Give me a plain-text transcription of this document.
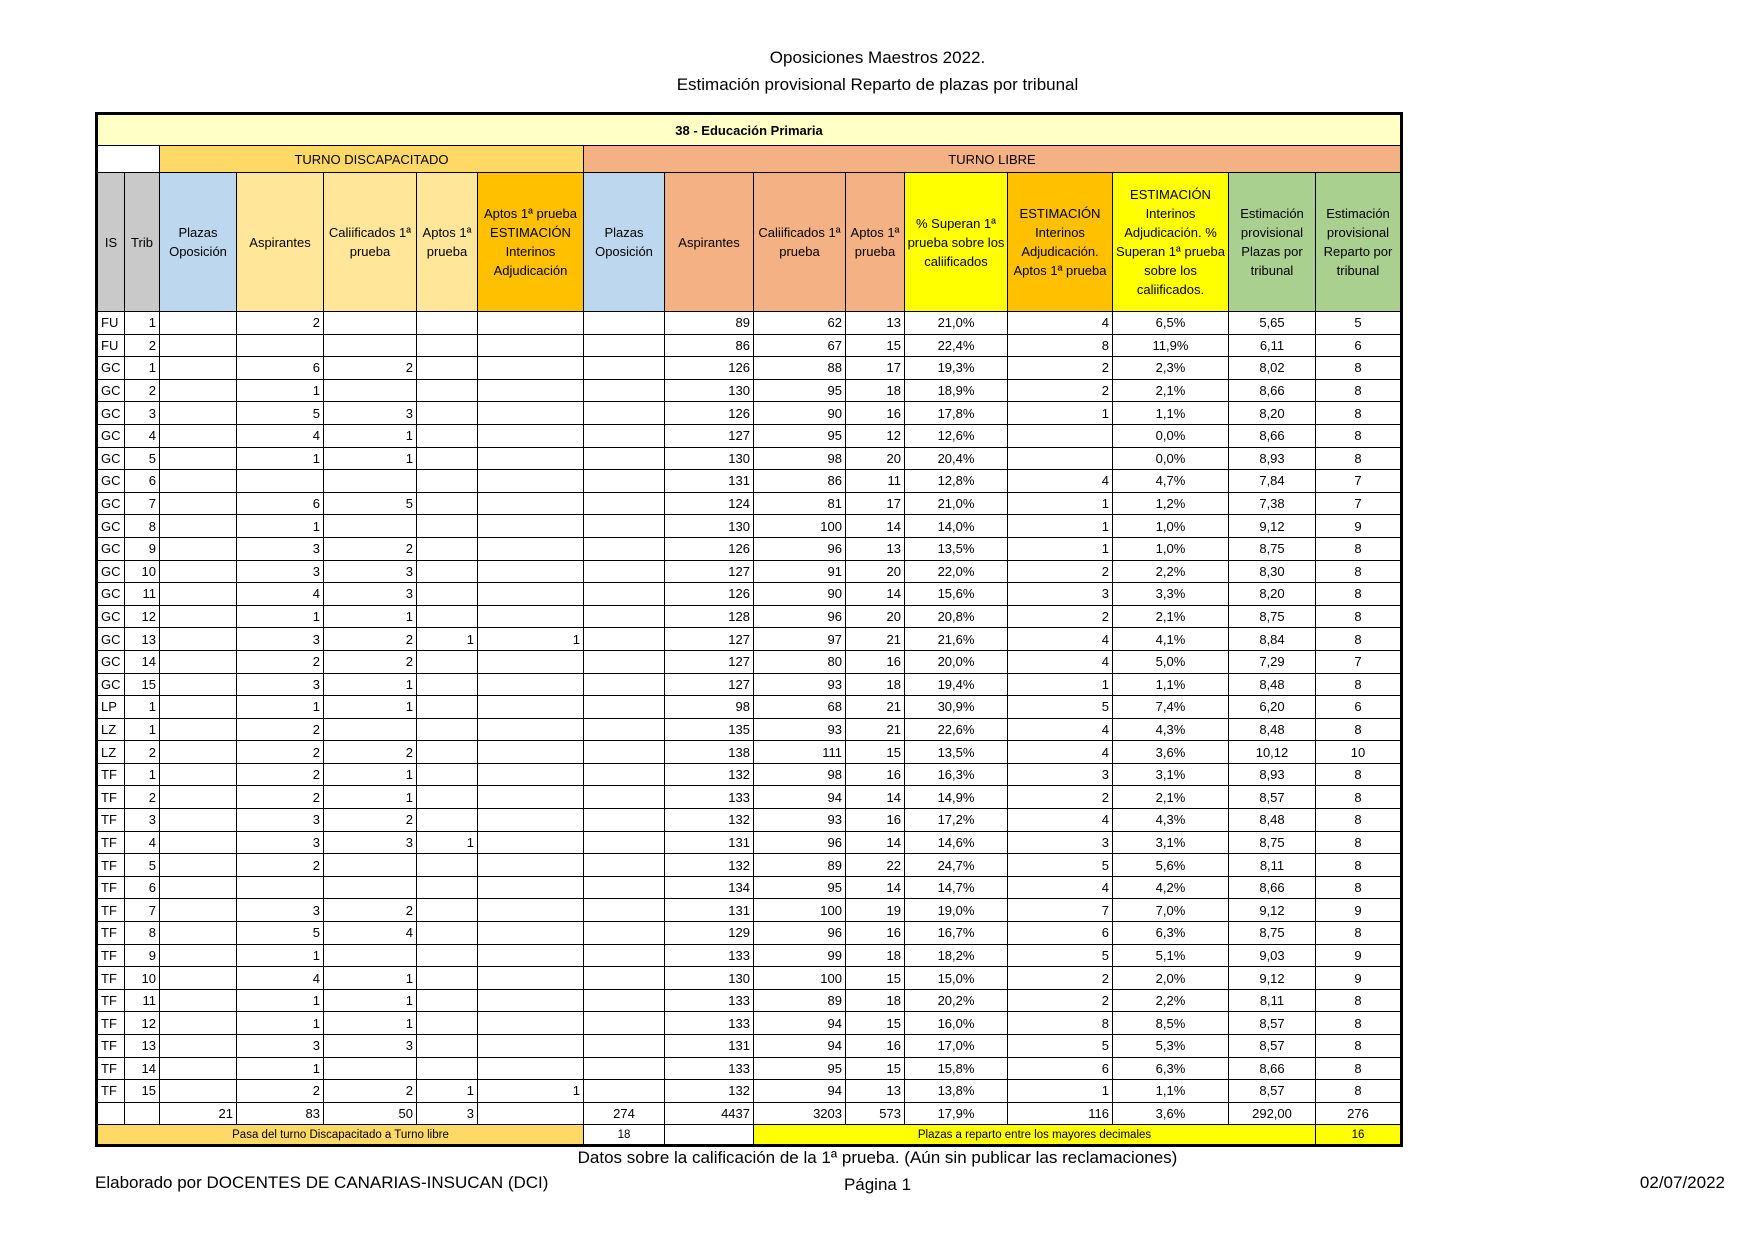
Oposiciones Maestros 2022.
Estimación provisional Reparto de plazas por tribunal
38 - Educación Primaria															
		TURNO DISCAPACITADO					TURNO LIBRE								
IS	Trib	Plazas Oposición	Aspirantes	Caliificados 1ª prueba	Aptos 1ª prueba	Aptos 1ª prueba ESTIMACIÓN Interinos Adjudicación	Plazas Oposición	Aspirantes	Caliificados 1ª prueba	Aptos 1ª prueba	% Superan 1ª prueba sobre los caliificados	ESTIMACIÓN Interinos Adjudicación. Aptos 1ª prueba	ESTIMACIÓN Interinos Adjudicación. % Superan 1ª prueba sobre los caliificados.	Estimación provisional Plazas por tribunal	Estimación provisional Reparto por tribunal
FU	1		2					89	62	13	21,0%	4	6,5%	5,65	5
FU	2							86	67	15	22,4%	8	11,9%	6,11	6
GC	1		6	2				126	88	17	19,3%	2	2,3%	8,02	8
GC	2		1					130	95	18	18,9%	2	2,1%	8,66	8
GC	3		5	3				126	90	16	17,8%	1	1,1%	8,20	8
GC	4		4	1				127	95	12	12,6%		0,0%	8,66	8
GC	5		1	1				130	98	20	20,4%		0,0%	8,93	8
GC	6							131	86	11	12,8%	4	4,7%	7,84	7
GC	7		6	5				124	81	17	21,0%	1	1,2%	7,38	7
GC	8		1					130	100	14	14,0%	1	1,0%	9,12	9
GC	9		3	2				126	96	13	13,5%	1	1,0%	8,75	8
GC	10		3	3				127	91	20	22,0%	2	2,2%	8,30	8
GC	11		4	3				126	90	14	15,6%	3	3,3%	8,20	8
GC	12		1	1				128	96	20	20,8%	2	2,1%	8,75	8
GC	13		3	2	1	1		127	97	21	21,6%	4	4,1%	8,84	8
GC	14		2	2				127	80	16	20,0%	4	5,0%	7,29	7
GC	15		3	1				127	93	18	19,4%	1	1,1%	8,48	8
LP	1		1	1				98	68	21	30,9%	5	7,4%	6,20	6
LZ	1		2					135	93	21	22,6%	4	4,3%	8,48	8
LZ	2		2	2				138	111	15	13,5%	4	3,6%	10,12	10
TF	1		2	1				132	98	16	16,3%	3	3,1%	8,93	8
TF	2		2	1				133	94	14	14,9%	2	2,1%	8,57	8
TF	3		3	2				132	93	16	17,2%	4	4,3%	8,48	8
TF	4		3	3	1			131	96	14	14,6%	3	3,1%	8,75	8
TF	5		2					132	89	22	24,7%	5	5,6%	8,11	8
TF	6							134	95	14	14,7%	4	4,2%	8,66	8
TF	7		3	2				131	100	19	19,0%	7	7,0%	9,12	9
TF	8		5	4				129	96	16	16,7%	6	6,3%	8,75	8
TF	9		1					133	99	18	18,2%	5	5,1%	9,03	9
TF	10		4	1				130	100	15	15,0%	2	2,0%	9,12	9
TF	11		1	1				133	89	18	20,2%	2	2,2%	8,11	8
TF	12		1	1				133	94	15	16,0%	8	8,5%	8,57	8
TF	13		3	3				131	94	16	17,0%	5	5,3%	8,57	8
TF	14		1					133	95	15	15,8%	6	6,3%	8,66	8
TF	15		2	2	1	1		132	94	13	13,8%	1	1,1%	8,57	8
		21	83	50	3		274	4437	3203	573	17,9%	116	3,6%	292,00	276
Pasa del turno Discapacitado a Turno libre							18		Plazas a reparto entre los mayores decimales						16
Datos sobre la calificación de la 1ª prueba. (Aún sin publicar las reclamaciones)
Elaborado por DOCENTES DE CANARIAS-INSUCAN (DCI)	Página 1	02/07/2022
